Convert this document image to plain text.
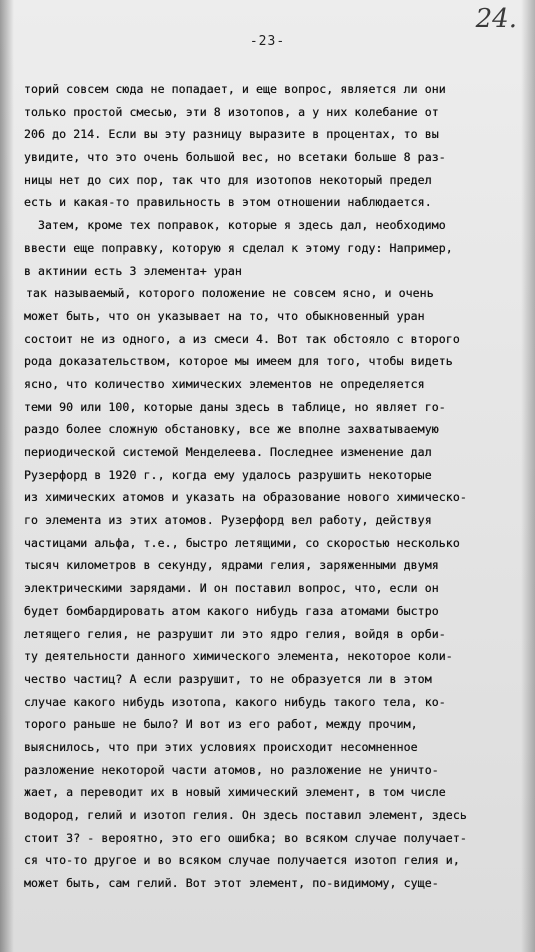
24.
-23-
торий совсем сюда не попадает, и еще вопрос, является ли они
только простой смесью, эти 8 изотопов, а у них колебание от
206 до 214. Если вы эту разницу выразите в процентах, то вы
увидите, что это очень большой вес, но всетаки больше 8 раз-
ницы нет до сих пор, так что для изотопов некоторый предел
есть и какая-то правильность в этом отношении наблюдается.
Затем, кроме тех поправок, которые я здесь дал, необходимо
ввести еще поправку, которую я сделал к этому году: Например,
в актинии есть 3 элемента+ уран
так называемый, которого положение не совсем ясно, и очень
может быть, что он указывает на то, что обыкновенный уран
состоит не из одного, а из смеси 4. Вот так обстояло с второго
рода доказательством, которое мы имеем для того, чтобы видеть
ясно, что количество химических элементов не определяется
теми 90 или 100, которые даны здесь в таблице, но являет го-
раздо более сложную обстановку, все же вполне захватываемую
периодической системой Менделеева. Последнее изменение дал
Рузерфорд в 1920 г., когда ему удалось разрушить некоторые
из химических атомов и указать на образование нового химическо-
го элемента из этих атомов. Рузерфорд вел работу, действуя
частицами альфа, т.е., быстро летящими, со скоростью несколько
тысяч километров в секунду, ядрами гелия, заряженными двумя
электрическими зарядами. И он поставил вопрос, что, если он
будет бомбардировать атом какого нибудь газа атомами быстро
летящего гелия, не разрушит ли это ядро гелия, войдя в орби-
ту деятельности данного химического элемента, некоторое коли-
чество частиц? А если разрушит, то не образуется ли в этом
случае какого нибудь изотопа, какого нибудь такого тела, ко-
торого раньше не было? И вот из его работ, между прочим,
выяснилось, что при этих условиях происходит несомненное
разложение некоторой части атомов, но разложение не уничто-
жает, а переводит их в новый химический элемент, в том числе
водород, гелий и изотоп гелия. Он здесь поставил элемент, здесь
стоит 3? - вероятно, это его ошибка; во всяком случае получает-
ся что-то другое и во всяком случае получается изотоп гелия и,
может быть, сам гелий. Вот этот элемент, по-видимому, суще-
